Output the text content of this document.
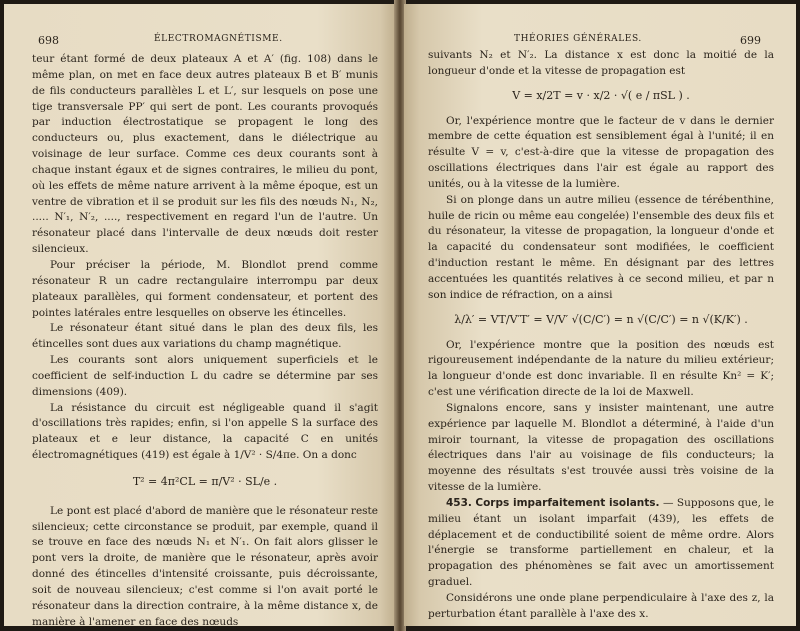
698	ÉLECTROMAGNÉTISME.

teur étant formé de deux plateaux A et A′ (fig. 108) dans le même plan, on met en face deux autres plateaux B et B′ munis de fils conducteurs parallèles L et L′, sur lesquels on pose une tige transversale PP′ qui sert de pont. Les courants provoqués par induction électrostatique se propagent le long des conducteurs ou, plus exactement, dans le diélectrique au voisinage de leur surface. Comme ces deux courants sont à chaque instant égaux et de signes contraires, le milieu du pont, où les effets de même nature arrivent à la même époque, est un ventre de vibration et il se produit sur les fils des nœuds N₁, N₂, ..... N′₁, N′₂, ...., respectivement en regard l'un de l'autre. Un résonateur placé dans l'intervalle de deux nœuds doit rester silencieux.

Pour préciser la période, M. Blondlot prend comme résonateur R un cadre rectangulaire interrompu par deux plateaux parallèles, qui forment condensateur, et portent des pointes latérales entre lesquelles on observe les étincelles.

Le résonateur étant situé dans le plan des deux fils, les étincelles sont dues aux variations du champ magnétique.

Les courants sont alors uniquement superficiels et le coefficient de self-induction L du cadre se détermine par ses dimensions (409).

La résistance du circuit est négligeable quand il s'agit d'oscillations très rapides; enfin, si l'on appelle S la surface des plateaux et e leur distance, la capacité C en unités électromagnétiques (419) est égale à 1/V² · S/4πe. On a donc

T² = 4π²CL = π/V² · SL/e .

Le pont est placé d'abord de manière que le résonateur reste silencieux; cette circonstance se produit, par exemple, quand il se trouve en face des nœuds N₁ et N′₁. On fait alors glisser le pont vers la droite, de manière que le résonateur, après avoir donné des étincelles d'intensité croissante, puis décroissante, soit de nouveau silencieux; c'est comme si l'on avait porté le résonateur dans la direction contraire, à la même distance x, de manière à l'amener en face des nœuds

THÉORIES GÉNÉRALES.	699

suivants N₂ et N′₂. La distance x est donc la moitié de la longueur d'onde et la vitesse de propagation est

V = x/2T = v · x/2 · √( e / πSL ) .

Or, l'expérience montre que le facteur de v dans le dernier membre de cette équation est sensiblement égal à l'unité; il en résulte V = v, c'est-à-dire que la vitesse de propagation des oscillations électriques dans l'air est égale au rapport des unités, ou à la vitesse de la lumière.

Si on plonge dans un autre milieu (essence de térébenthine, huile de ricin ou même eau congelée) l'ensemble des deux fils et du résonateur, la vitesse de propagation, la longueur d'onde et la capacité du condensateur sont modifiées, le coefficient d'induction restant le même. En désignant par des lettres accentuées les quantités relatives à ce second milieu, et par n son indice de réfraction, on a ainsi

λ/λ′ = VT/V′T′ = V/V′ √(C/C′) = n √(C/C′) = n √(K/K′) .

Or, l'expérience montre que la position des nœuds est rigoureusement indépendante de la nature du milieu extérieur; la longueur d'onde est donc invariable. Il en résulte Kn² = K′; c'est une vérification directe de la loi de Maxwell.

Signalons encore, sans y insister maintenant, une autre expérience par laquelle M. Blondlot a déterminé, à l'aide d'un miroir tournant, la vitesse de propagation des oscillations électriques dans l'air au voisinage de fils conducteurs; la moyenne des résultats s'est trouvée aussi très voisine de la vitesse de la lumière.

453. Corps imparfaitement isolants. — Supposons que, le milieu étant un isolant imparfait (439), les effets de déplacement et de conductibilité soient de même ordre. Alors l'énergie se transforme partiellement en chaleur, et la propagation des phénomènes se fait avec un amortissement graduel.

Considérons une onde plane perpendiculaire à l'axe des z, la perturbation étant parallèle à l'axe des x.
